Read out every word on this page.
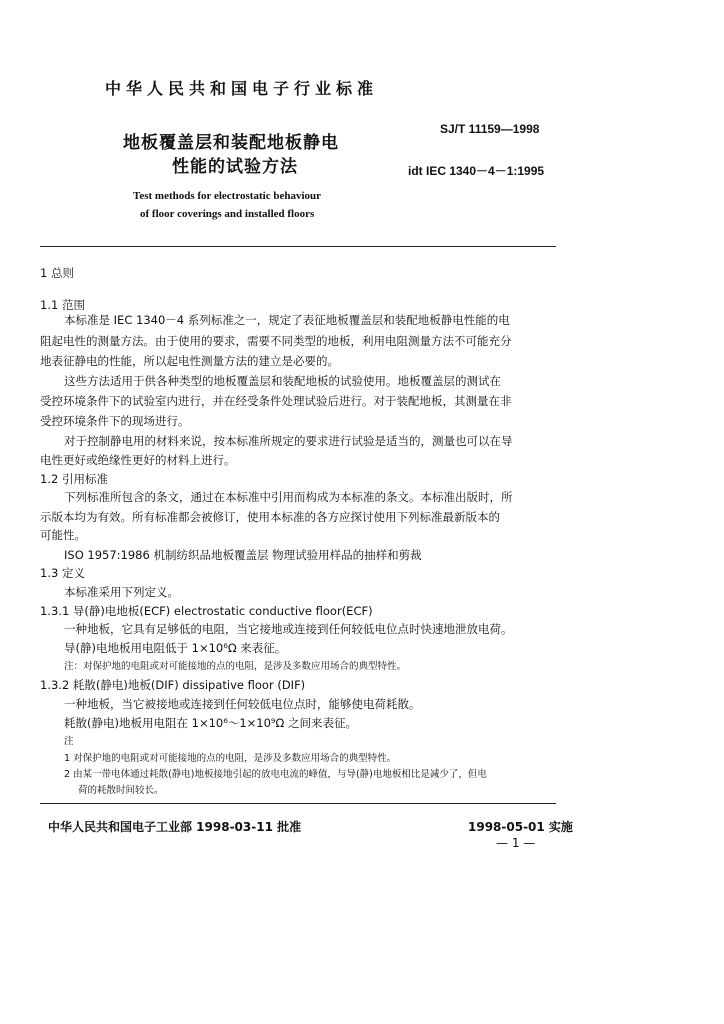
中华人民共和国电子行业标准
地板覆盖层和装配地板静电
性能的试验方法
SJ/T 11159—1998
idt IEC 1340－4－1:1995
Test methods for electrostatic behaviour
of floor coverings and installed floors
1 总则
1.1 范围
本标准是 IEC 1340－4 系列标准之一，规定了表征地板覆盖层和装配地板静电性能的电
阻起电性的测量方法。由于使用的要求，需要不同类型的地板，利用电阻测量方法不可能充分
地表征静电的性能，所以起电性测量方法的建立是必要的。
这些方法适用于供各种类型的地板覆盖层和装配地板的试验使用。地板覆盖层的测试在
受控环境条件下的试验室内进行，并在经受条件处理试验后进行。对于装配地板，其测量在非
受控环境条件下的现场进行。
对于控制静电用的材料来说，按本标准所规定的要求进行试验是适当的，测量也可以在导
电性更好或绝缘性更好的材料上进行。
1.2 引用标准
下列标准所包含的条文，通过在本标准中引用而构成为本标准的条文。本标准出版时，所
示版本均为有效。所有标准都会被修订，使用本标准的各方应探讨使用下列标准最新版本的
可能性。
ISO 1957:1986 机制纺织品地板覆盖层 物理试验用样品的抽样和剪裁
1.3 定义
本标准采用下列定义。
1.3.1 导(静)电地板(ECF) electrostatic conductive floor(ECF)
一种地板，它具有足够低的电阻，当它接地或连接到任何较低电位点时快速地泄放电荷。
导(静)电地板用电阻低于 1×10⁶Ω 来表征。
注：对保护地的电阻或对可能接地的点的电阻，是涉及多数应用场合的典型特性。
1.3.2 耗散(静电)地板(DIF) dissipative floor (DIF)
一种地板，当它被接地或连接到任何较低电位点时，能够使电荷耗散。
耗散(静电)地板用电阻在 1×10⁶～1×10⁹Ω 之间来表征。
注
1 对保护地的电阻或对可能接地的点的电阻，是涉及多数应用场合的典型特性。
2 由某一带电体通过耗散(静电)地板接地引起的放电电流的峰值，与导(静)电地板相比是减少了，但电
荷的耗散时间较长。
中华人民共和国电子工业部 1998-03-11 批准	1998-05-01 实施
— 1 —
